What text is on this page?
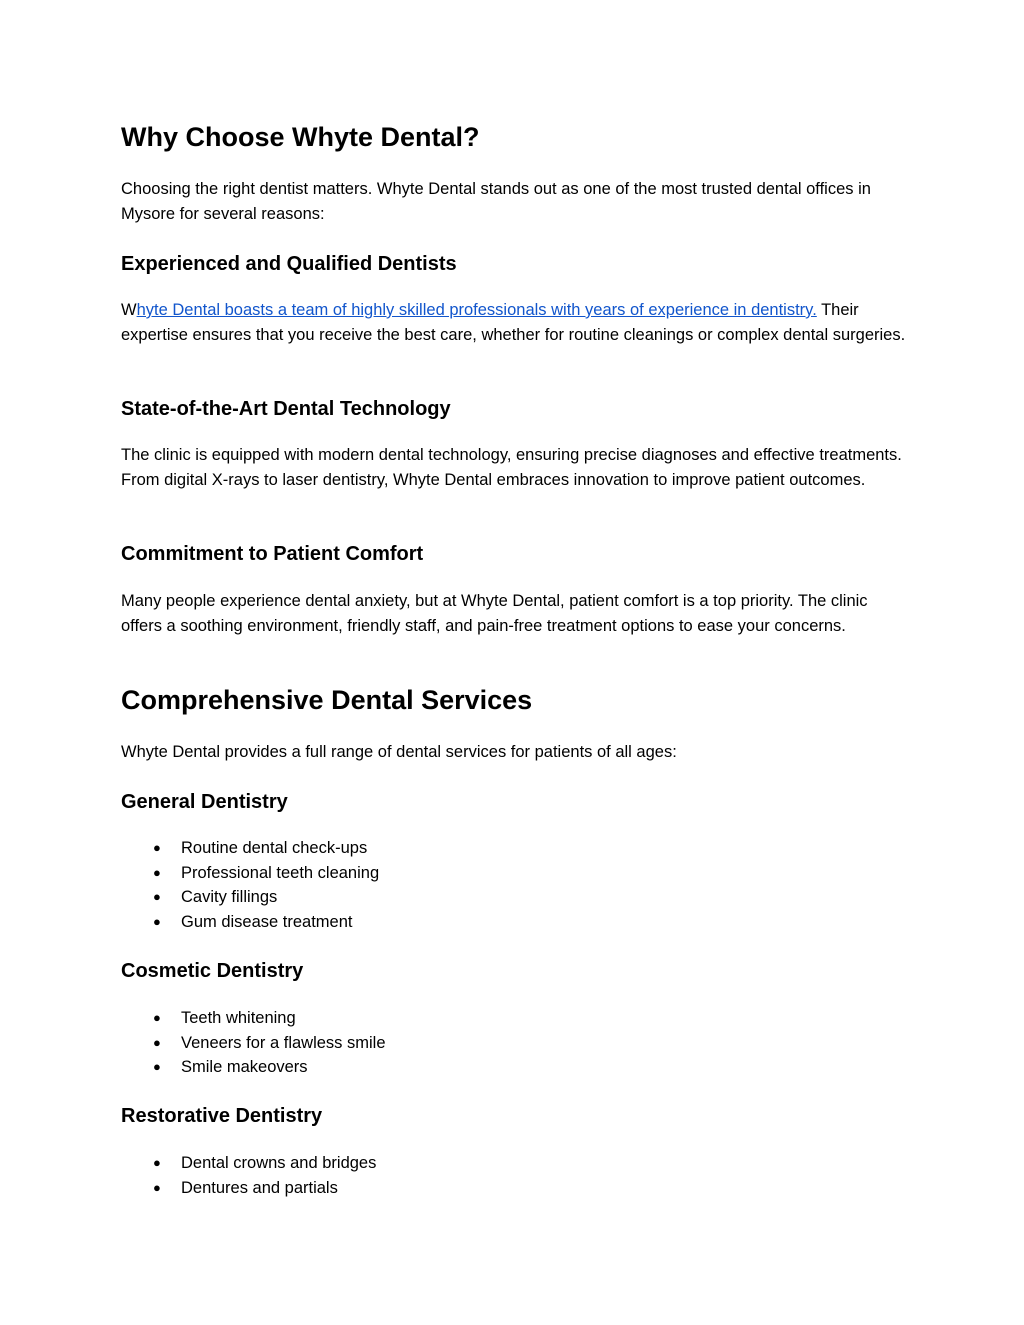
Why Choose Whyte Dental?

Choosing the right dentist matters. Whyte Dental stands out as one of the most trusted dental offices in Mysore for several reasons:

Experienced and Qualified Dentists

Whyte Dental boasts a team of highly skilled professionals with years of experience in dentistry. Their expertise ensures that you receive the best care, whether for routine cleanings or complex dental surgeries.

State-of-the-Art Dental Technology

The clinic is equipped with modern dental technology, ensuring precise diagnoses and effective treatments. From digital X-rays to laser dentistry, Whyte Dental embraces innovation to improve patient outcomes.

Commitment to Patient Comfort

Many people experience dental anxiety, but at Whyte Dental, patient comfort is a top priority. The clinic offers a soothing environment, friendly staff, and pain-free treatment options to ease your concerns.

Comprehensive Dental Services

Whyte Dental provides a full range of dental services for patients of all ages:

General Dentistry
● Routine dental check-ups
● Professional teeth cleaning
● Cavity fillings
● Gum disease treatment
Cosmetic Dentistry
● Teeth whitening
● Veneers for a flawless smile
● Smile makeovers
Restorative Dentistry
● Dental crowns and bridges
● Dentures and partials
